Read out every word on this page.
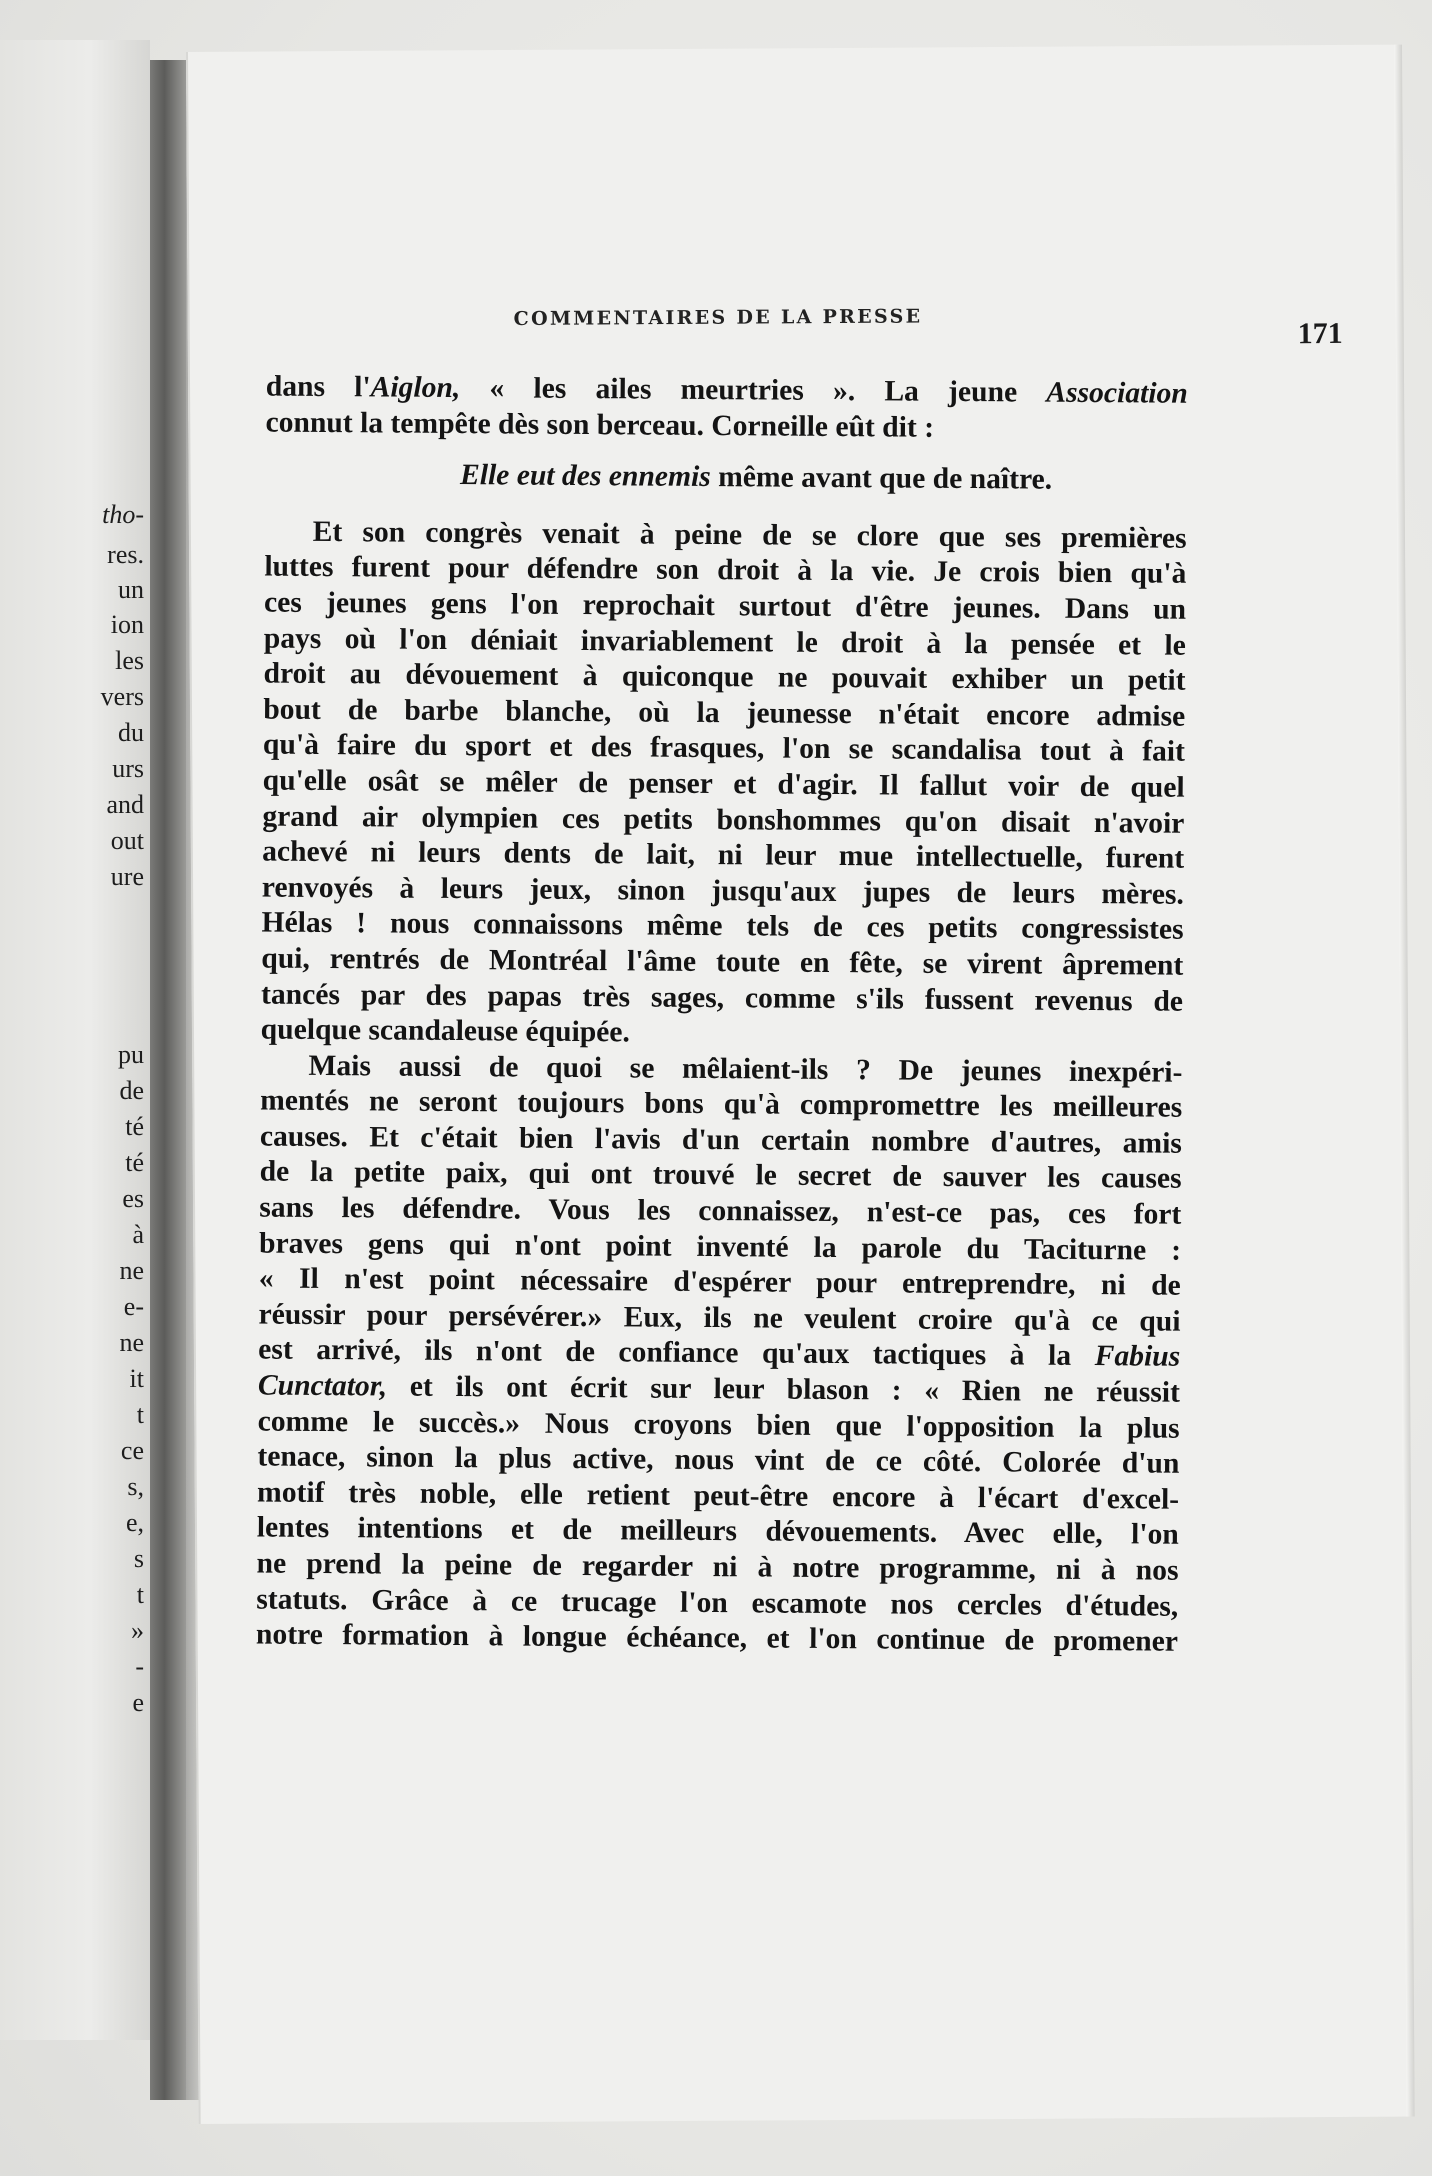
tho-
res.
un
ion
les
vers
du
urs
and
out
ure
pu
de
té
té
es
à
ne
e-
ne
it
t
ce
s,
e,
s
t
»
-
e
COMMENTAIRES DE LA PRESSE	171
dans l'Aiglon, « les ailes meurtries ». La jeune Association
connut la tempête dès son berceau. Corneille eût dit :
Elle eut des ennemis même avant que de naître.
Et son congrès venait à peine de se clore que ses premières
luttes furent pour défendre son droit à la vie. Je crois bien qu'à
ces jeunes gens l'on reprochait surtout d'être jeunes. Dans un
pays où l'on déniait invariablement le droit à la pensée et le
droit au dévouement à quiconque ne pouvait exhiber un petit
bout de barbe blanche, où la jeunesse n'était encore admise
qu'à faire du sport et des frasques, l'on se scandalisa tout à fait
qu'elle osât se mêler de penser et d'agir. Il fallut voir de quel
grand air olympien ces petits bonshommes qu'on disait n'avoir
achevé ni leurs dents de lait, ni leur mue intellectuelle, furent
renvoyés à leurs jeux, sinon jusqu'aux jupes de leurs mères.
Hélas ! nous connaissons même tels de ces petits congressistes
qui, rentrés de Montréal l'âme toute en fête, se virent âprement
tancés par des papas très sages, comme s'ils fussent revenus de
quelque scandaleuse équipée.
Mais aussi de quoi se mêlaient-ils ? De jeunes inexpéri-
mentés ne seront toujours bons qu'à compromettre les meilleures
causes. Et c'était bien l'avis d'un certain nombre d'autres, amis
de la petite paix, qui ont trouvé le secret de sauver les causes
sans les défendre. Vous les connaissez, n'est-ce pas, ces fort
braves gens qui n'ont point inventé la parole du Taciturne :
« Il n'est point nécessaire d'espérer pour entreprendre, ni de
réussir pour persévérer.» Eux, ils ne veulent croire qu'à ce qui
est arrivé, ils n'ont de confiance qu'aux tactiques à la Fabius
Cunctator, et ils ont écrit sur leur blason : « Rien ne réussit
comme le succès.» Nous croyons bien que l'opposition la plus
tenace, sinon la plus active, nous vint de ce côté. Colorée d'un
motif très noble, elle retient peut-être encore à l'écart d'excel-
lentes intentions et de meilleurs dévouements. Avec elle, l'on
ne prend la peine de regarder ni à notre programme, ni à nos
statuts. Grâce à ce trucage l'on escamote nos cercles d'études,
notre formation à longue échéance, et l'on continue de promener
